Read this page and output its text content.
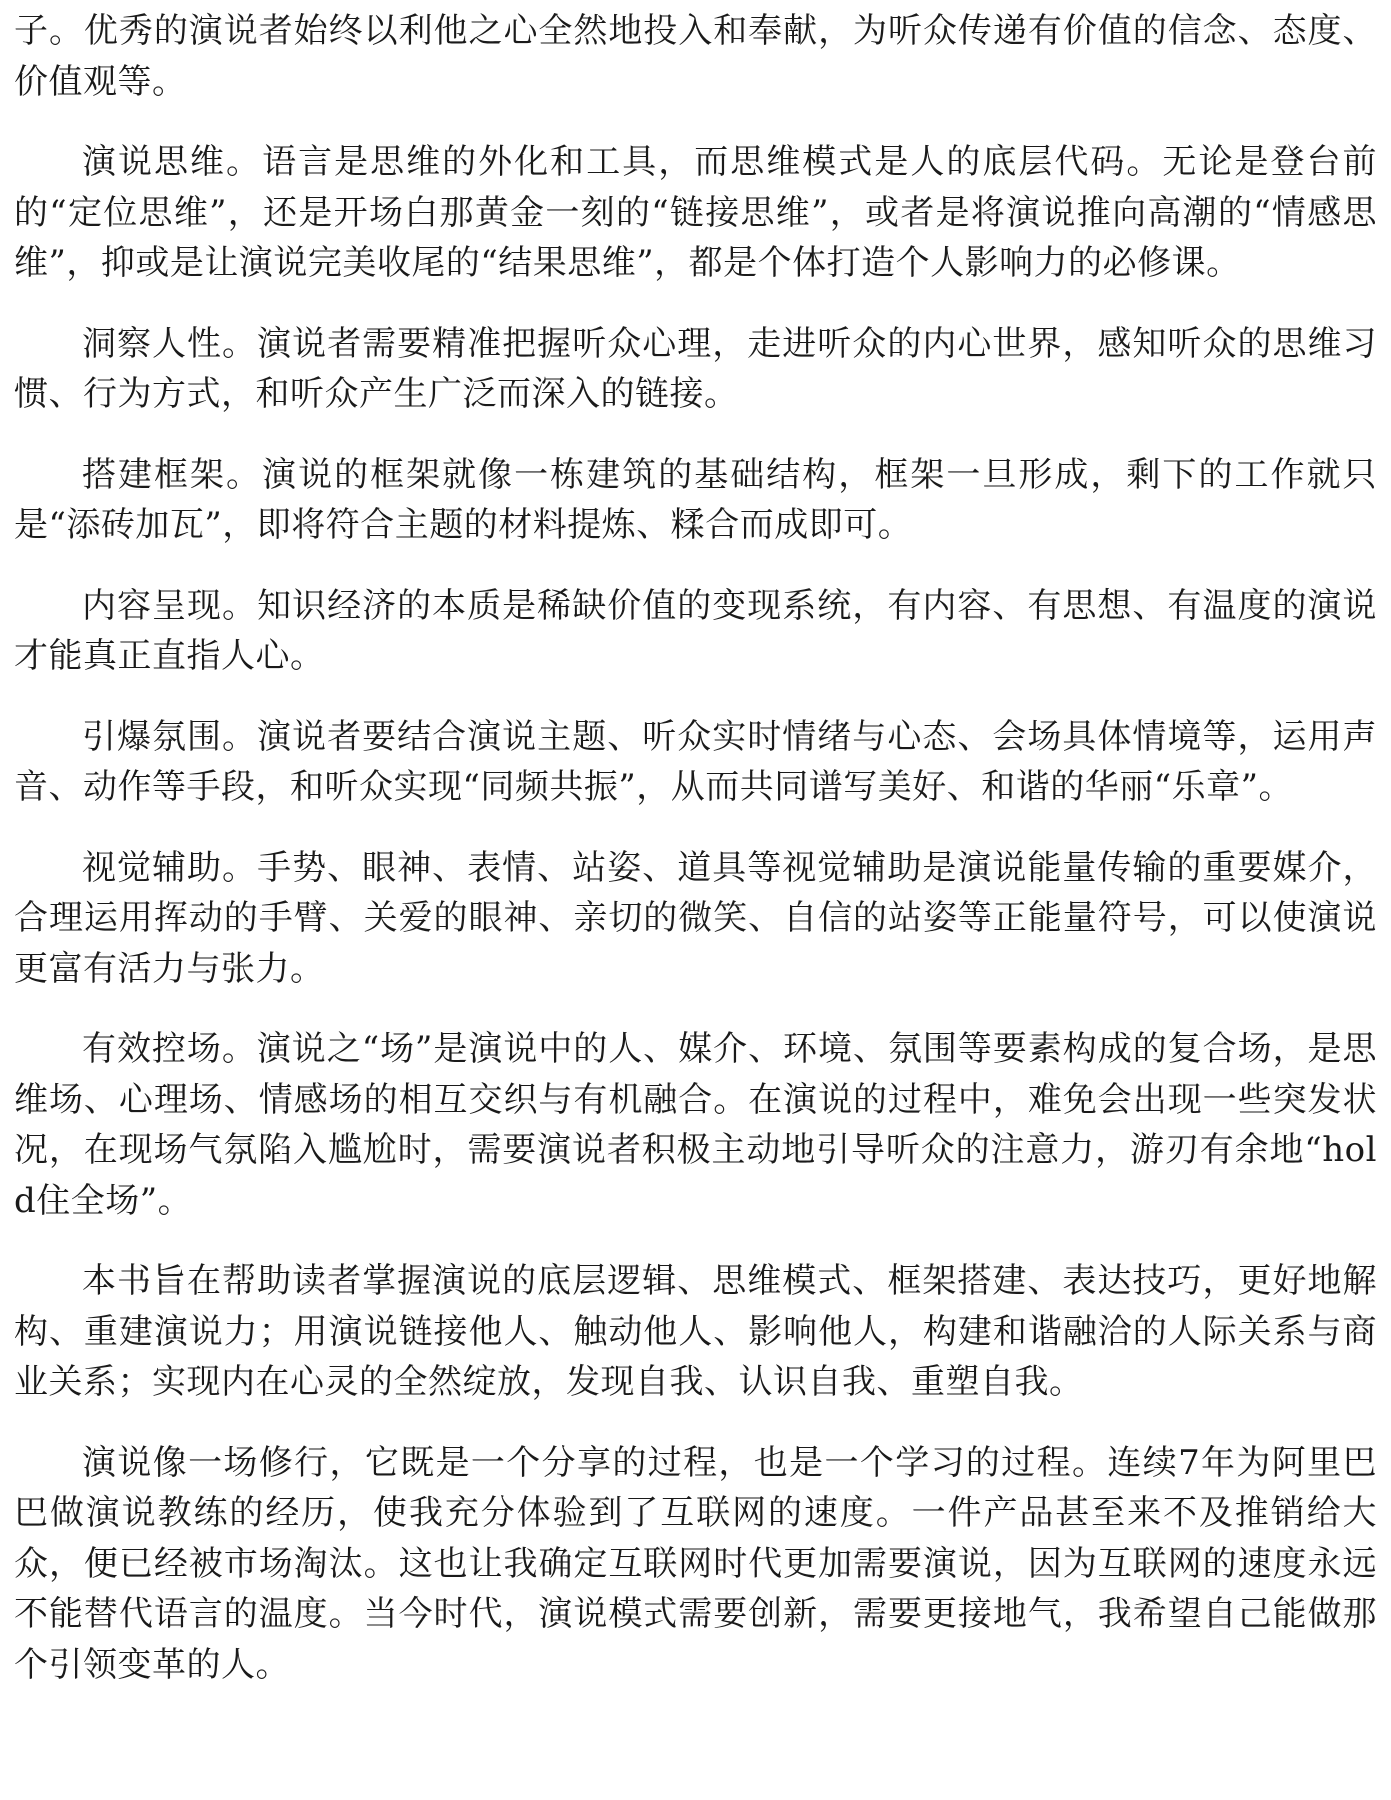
子。优秀的演说者始终以利他之心全然地投入和奉献，为听众传递有价值的信念、态度、价值观等。

演说思维。语言是思维的外化和工具，而思维模式是人的底层代码。无论是登台前的“定位思维”，还是开场白那黄金一刻的“链接思维”，或者是将演说推向高潮的“情感思维”，抑或是让演说完美收尾的“结果思维”，都是个体打造个人影响力的必修课。

洞察人性。演说者需要精准把握听众心理，走进听众的内心世界，感知听众的思维习惯、行为方式，和听众产生广泛而深入的链接。

搭建框架。演说的框架就像一栋建筑的基础结构，框架一旦形成，剩下的工作就只是“添砖加瓦”，即将符合主题的材料提炼、糅合而成即可。

内容呈现。知识经济的本质是稀缺价值的变现系统，有内容、有思想、有温度的演说才能真正直指人心。

引爆氛围。演说者要结合演说主题、听众实时情绪与心态、会场具体情境等，运用声音、动作等手段，和听众实现“同频共振”，从而共同谱写美好、和谐的华丽“乐章”。

视觉辅助。手势、眼神、表情、站姿、道具等视觉辅助是演说能量传输的重要媒介，合理运用挥动的手臂、关爱的眼神、亲切的微笑、自信的站姿等正能量符号，可以使演说更富有活力与张力。

有效控场。演说之“场”是演说中的人、媒介、环境、氛围等要素构成的复合场，是思维场、心理场、情感场的相互交织与有机融合。在演说的过程中，难免会出现一些突发状况，在现场气氛陷入尴尬时，需要演说者积极主动地引导听众的注意力，游刃有余地“hold住全场”。

本书旨在帮助读者掌握演说的底层逻辑、思维模式、框架搭建、表达技巧，更好地解构、重建演说力；用演说链接他人、触动他人、影响他人，构建和谐融洽的人际关系与商业关系；实现内在心灵的全然绽放，发现自我、认识自我、重塑自我。

演说像一场修行，它既是一个分享的过程，也是一个学习的过程。连续7年为阿里巴巴做演说教练的经历，使我充分体验到了互联网的速度。一件产品甚至来不及推销给大众，便已经被市场淘汰。这也让我确定互联网时代更加需要演说，因为互联网的速度永远不能替代语言的温度。当今时代，演说模式需要创新，需要更接地气，我希望自己能做那个引领变革的人。
